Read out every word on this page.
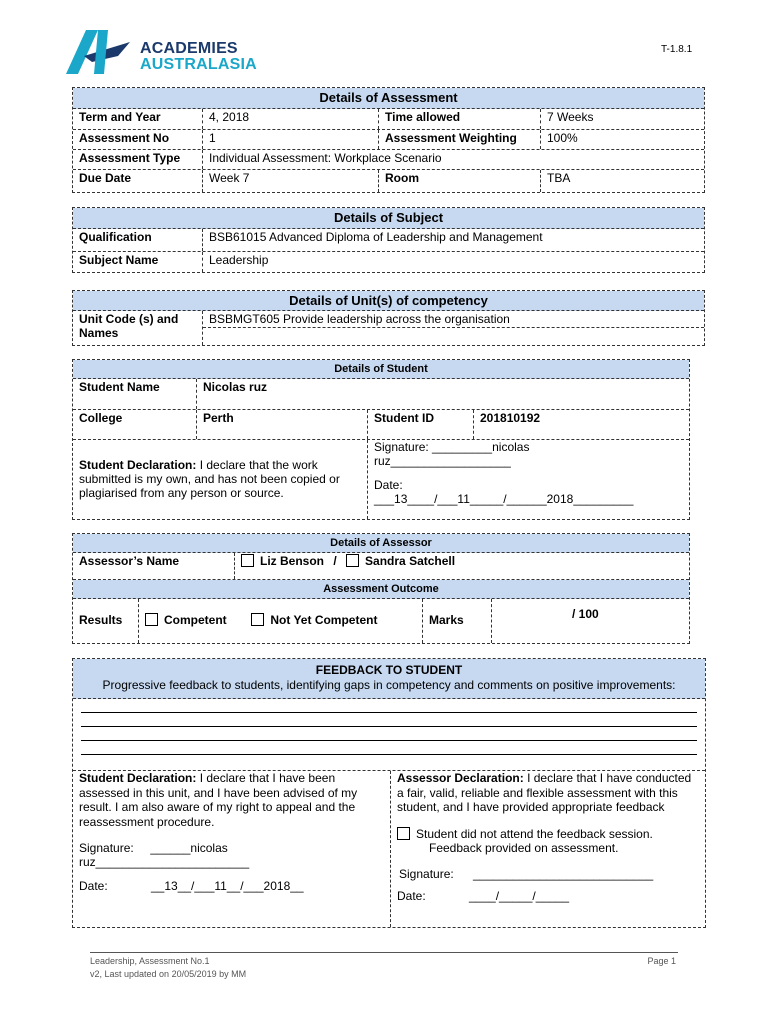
ACADEMIES
AUSTRALASIA
T-1.8.1
Details of Assessment
Term and Year	4, 2018	Time allowed	7 Weeks
Assessment No	1	Assessment Weighting	100%
Assessment Type	Individual Assessment: Workplace Scenario
Due Date	Week 7	Room	TBA
Details of Subject
Qualification	BSB61015 Advanced Diploma of Leadership and Management
Subject Name	Leadership
Details of Unit(s) of competency
Unit Code (s) and Names
BSBMGT605 Provide leadership across the organisation
Details of Student
Student Name	Nicolas ruz
College	Perth	Student ID	201810192
Student Declaration: I declare that the work submitted is my own, and has not been copied or plagiarised from any person or source.
Signature: _________nicolas
ruz__________________
Date:
___13____/___11_____/______2018_________
Details of Assessor
Assessor’s Name	Liz Benson / Sandra Satchell
Assessment Outcome
Results	Competent	Not Yet Competent	Marks	/ 100
FEEDBACK TO STUDENT
Progressive feedback to students, identifying gaps in competency and comments on positive improvements:
Student Declaration: I declare that I have been assessed in this unit, and I have been advised of my result. I am also aware of my right to appeal and the reassessment procedure.
Signature:     ______nicolas
ruz_______________________
Date:	__13__/___11__/___2018__
Assessor Declaration: I declare that I have conducted a fair, valid, reliable and flexible assessment with this student, and I have provided appropriate feedback
Student did not attend the feedback session.
Feedback provided on assessment.
Signature:	___________________________
Date:	____/_____/_____
Leadership, Assessment No.1
v2, Last updated on 20/05/2019 by MM
Page 1
